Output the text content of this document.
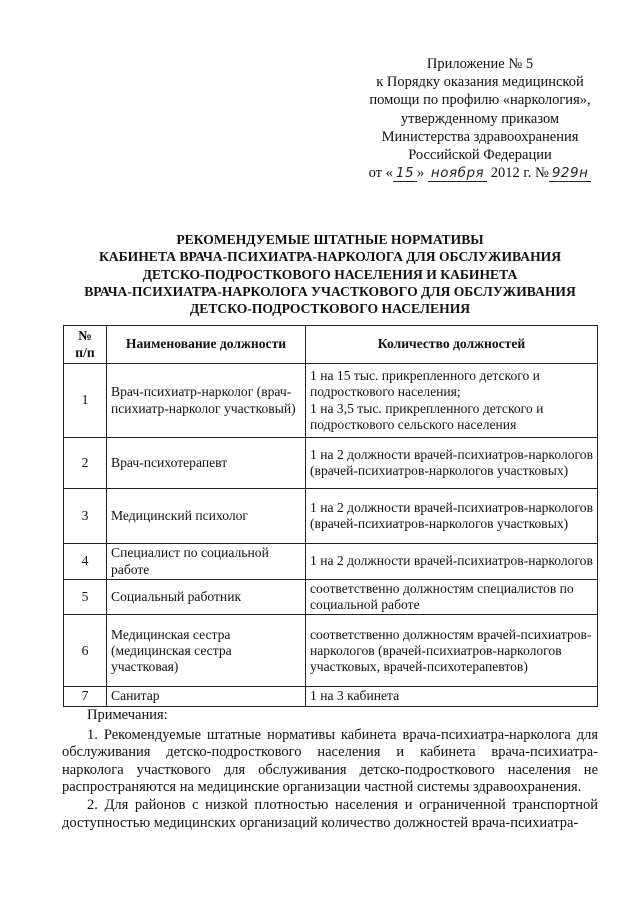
Приложение № 5
к Порядку оказания медицинской
помощи по профилю «наркология»,
утвержденному приказом
Министерства здравоохранения
Российской Федерации
от « 15 » ноября 2012 г. № 929н
РЕКОМЕНДУЕМЫЕ ШТАТНЫЕ НОРМАТИВЫ
КАБИНЕТА ВРАЧА-ПСИХИАТРА-НАРКОЛОГА ДЛЯ ОБСЛУЖИВАНИЯ
ДЕТСКО-ПОДРОСТКОВОГО НАСЕЛЕНИЯ И КАБИНЕТА
ВРАЧА-ПСИХИАТРА-НАРКОЛОГА УЧАСТКОВОГО ДЛЯ ОБСЛУЖИВАНИЯ
ДЕТСКО-ПОДРОСТКОВОГО НАСЕЛЕНИЯ
№
п/п	Наименование должности	Количество должностей
1	Врач-психиатр-нарколог (врач-психиатр-нарколог участковый)	1 на 15 тыс. прикрепленного детского и подросткового населения;
1 на 3,5 тыс. прикрепленного детского и подросткового сельского населения

2	Врач-психотерапевт	1 на 2 должности врачей-психиатров-наркологов (врачей-психиатров-наркологов участковых)
3	Медицинский психолог	1 на 2 должности врачей-психиатров-наркологов (врачей-психиатров-наркологов участковых)
4	Специалист по социальной работе	1 на 2 должности врачей-психиатров-наркологов
5	Социальный работник	соответственно должностям специалистов по социальной работе
6	Медицинская сестра (медицинская сестра участковая)	соответственно должностям врачей-психиатров-наркологов (врачей-психиатров-наркологов участковых, врачей-психотерапевтов)
7	Санитар	1 на 3 кабинета

Примечания:

1. Рекомендуемые штатные нормативы кабинета врача-психиатра-нарколога для обслуживания детско-подросткового населения и кабинета врача-психиатра-нарколога участкового для обслуживания детско-подросткового населения не распространяются на медицинские организации частной системы здравоохранения.

2. Для районов с низкой плотностью населения и ограниченной транспортной доступностью медицинских организаций количество должностей врача-психиатра-
